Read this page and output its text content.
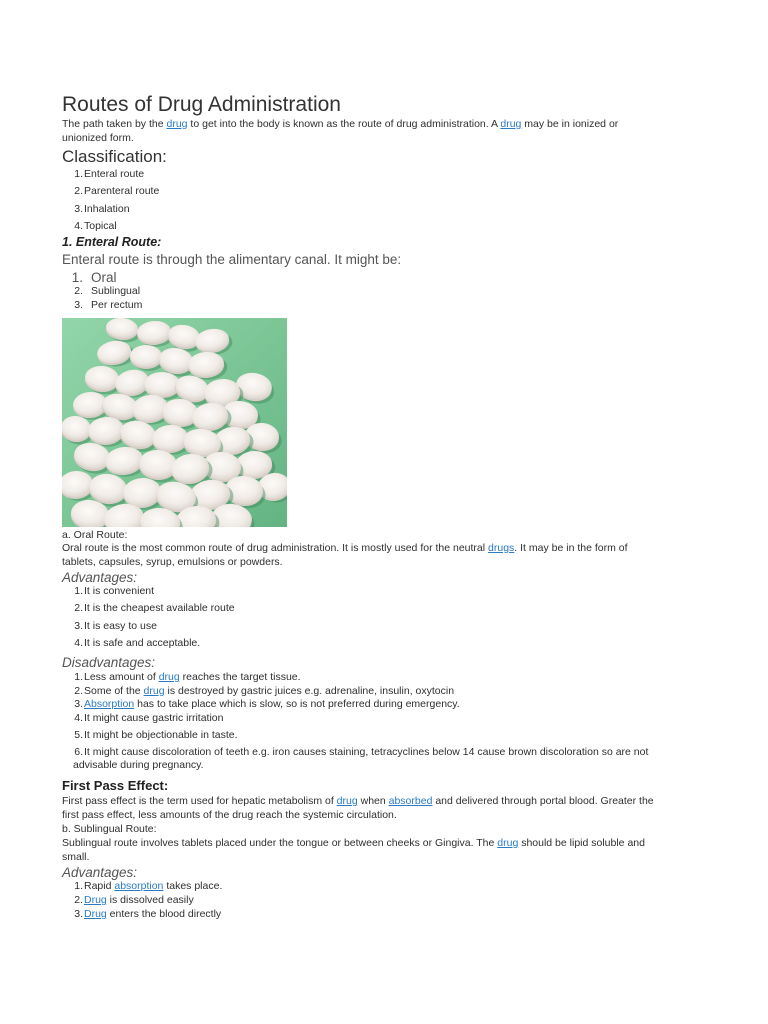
Routes of Drug Administration
The path taken by the drug to get into the body is known as the route of drug administration. A drug may be in ionized or
unionized form.
Classification:
1.Enteral route
2.Parenteral route
3.Inhalation
4.Topical
1. Enteral Route:
Enteral route is through the alimentary canal. It might be:
1. Oral
2. Sublingual
3. Per rectum
a. Oral Route:
Oral route is the most common route of drug administration. It is mostly used for the neutral drugs. It may be in the form of
tablets, capsules, syrup, emulsions or powders.
Advantages:
1.It is convenient
2.It is the cheapest available route
3.It is easy to use
4.It is safe and acceptable.
Disadvantages:
1.Less amount of drug reaches the target tissue.
2.Some of the drug is destroyed by gastric juices e.g. adrenaline, insulin, oxytocin
3.Absorption has to take place which is slow, so is not preferred during emergency.
4.It might cause gastric irritation
5.It might be objectionable in taste.
6.It might cause discoloration of teeth e.g. iron causes staining, tetracyclines below 14 cause brown discoloration so are not
advisable during pregnancy.
First Pass Effect:
First pass effect is the term used for hepatic metabolism of drug when absorbed and delivered through portal blood. Greater the
first pass effect, less amounts of the drug reach the systemic circulation.
b. Sublingual Route:
Sublingual route involves tablets placed under the tongue or between cheeks or Gingiva. The drug should be lipid soluble and
small.
Advantages:
1.Rapid absorption takes place.
2.Drug is dissolved easily
3.Drug enters the blood directly
